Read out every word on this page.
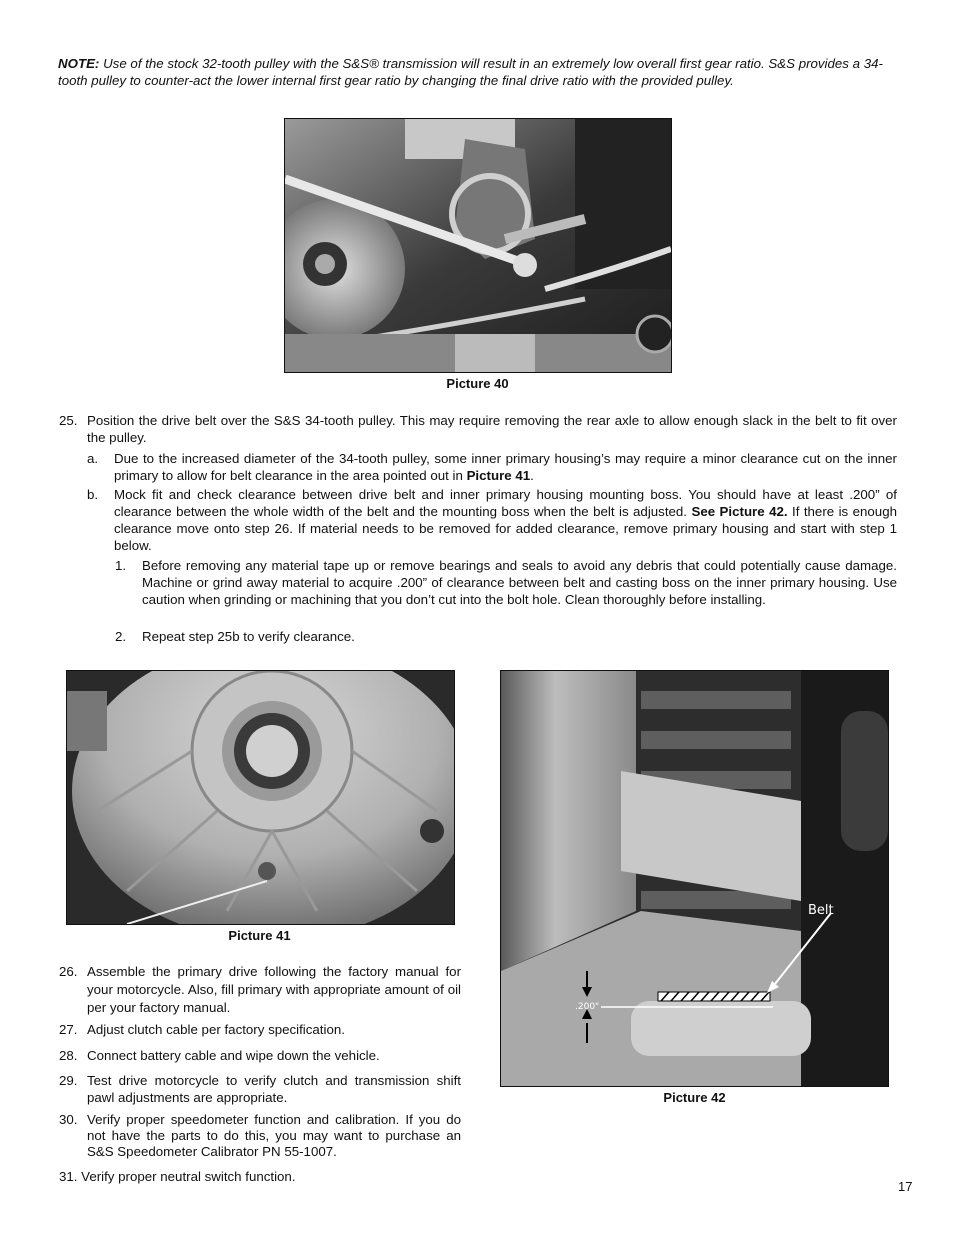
NOTE: Use of the stock 32-tooth pulley with the S&S® transmission will result in an extremely low overall first gear ratio. S&S provides a 34-tooth pulley to counter-act the lower internal first gear ratio by changing the final drive ratio with the provided pulley.
Picture 40
25. Position the drive belt over the S&S 34-tooth pulley. This may require removing the rear axle to allow enough slack in the belt to fit over the pulley.
a. Due to the increased diameter of the 34-tooth pulley, some inner primary housing’s may require a minor clearance cut on the inner primary to allow for belt clearance in the area pointed out in Picture 41.
b. Mock fit and check clearance between drive belt and inner primary housing mounting boss. You should have at least .200” of clearance between the whole width of the belt and the mounting boss when the belt is adjusted. See Picture 42. If there is enough clearance move onto step 26. If material needs to be removed for added clearance, remove primary housing and start with step 1 below.
1. Before removing any material tape up or remove bearings and seals to avoid any debris that could potentially cause damage. Machine or grind away material to acquire .200” of clearance between belt and casting boss on the inner primary housing. Use caution when grinding or machining that you don’t cut into the bolt hole. Clean thoroughly before installing.
2. Repeat step 25b to verify clearance.
Picture 41
Belt
.200"
Picture 42
26. Assemble the primary drive following the factory manual for your motorcycle. Also, fill primary with appropriate amount of oil per your factory manual.
27. Adjust clutch cable per factory specification.
28. Connect battery cable and wipe down the vehicle.
29. Test drive motorcycle to verify clutch and transmission shift pawl adjustments are appropriate.
30. Verify proper speedometer function and calibration. If you do not have the parts to do this, you may want to purchase an S&S Speedometer Calibrator PN 55-1007.
31. Verify proper neutral switch function.
17
